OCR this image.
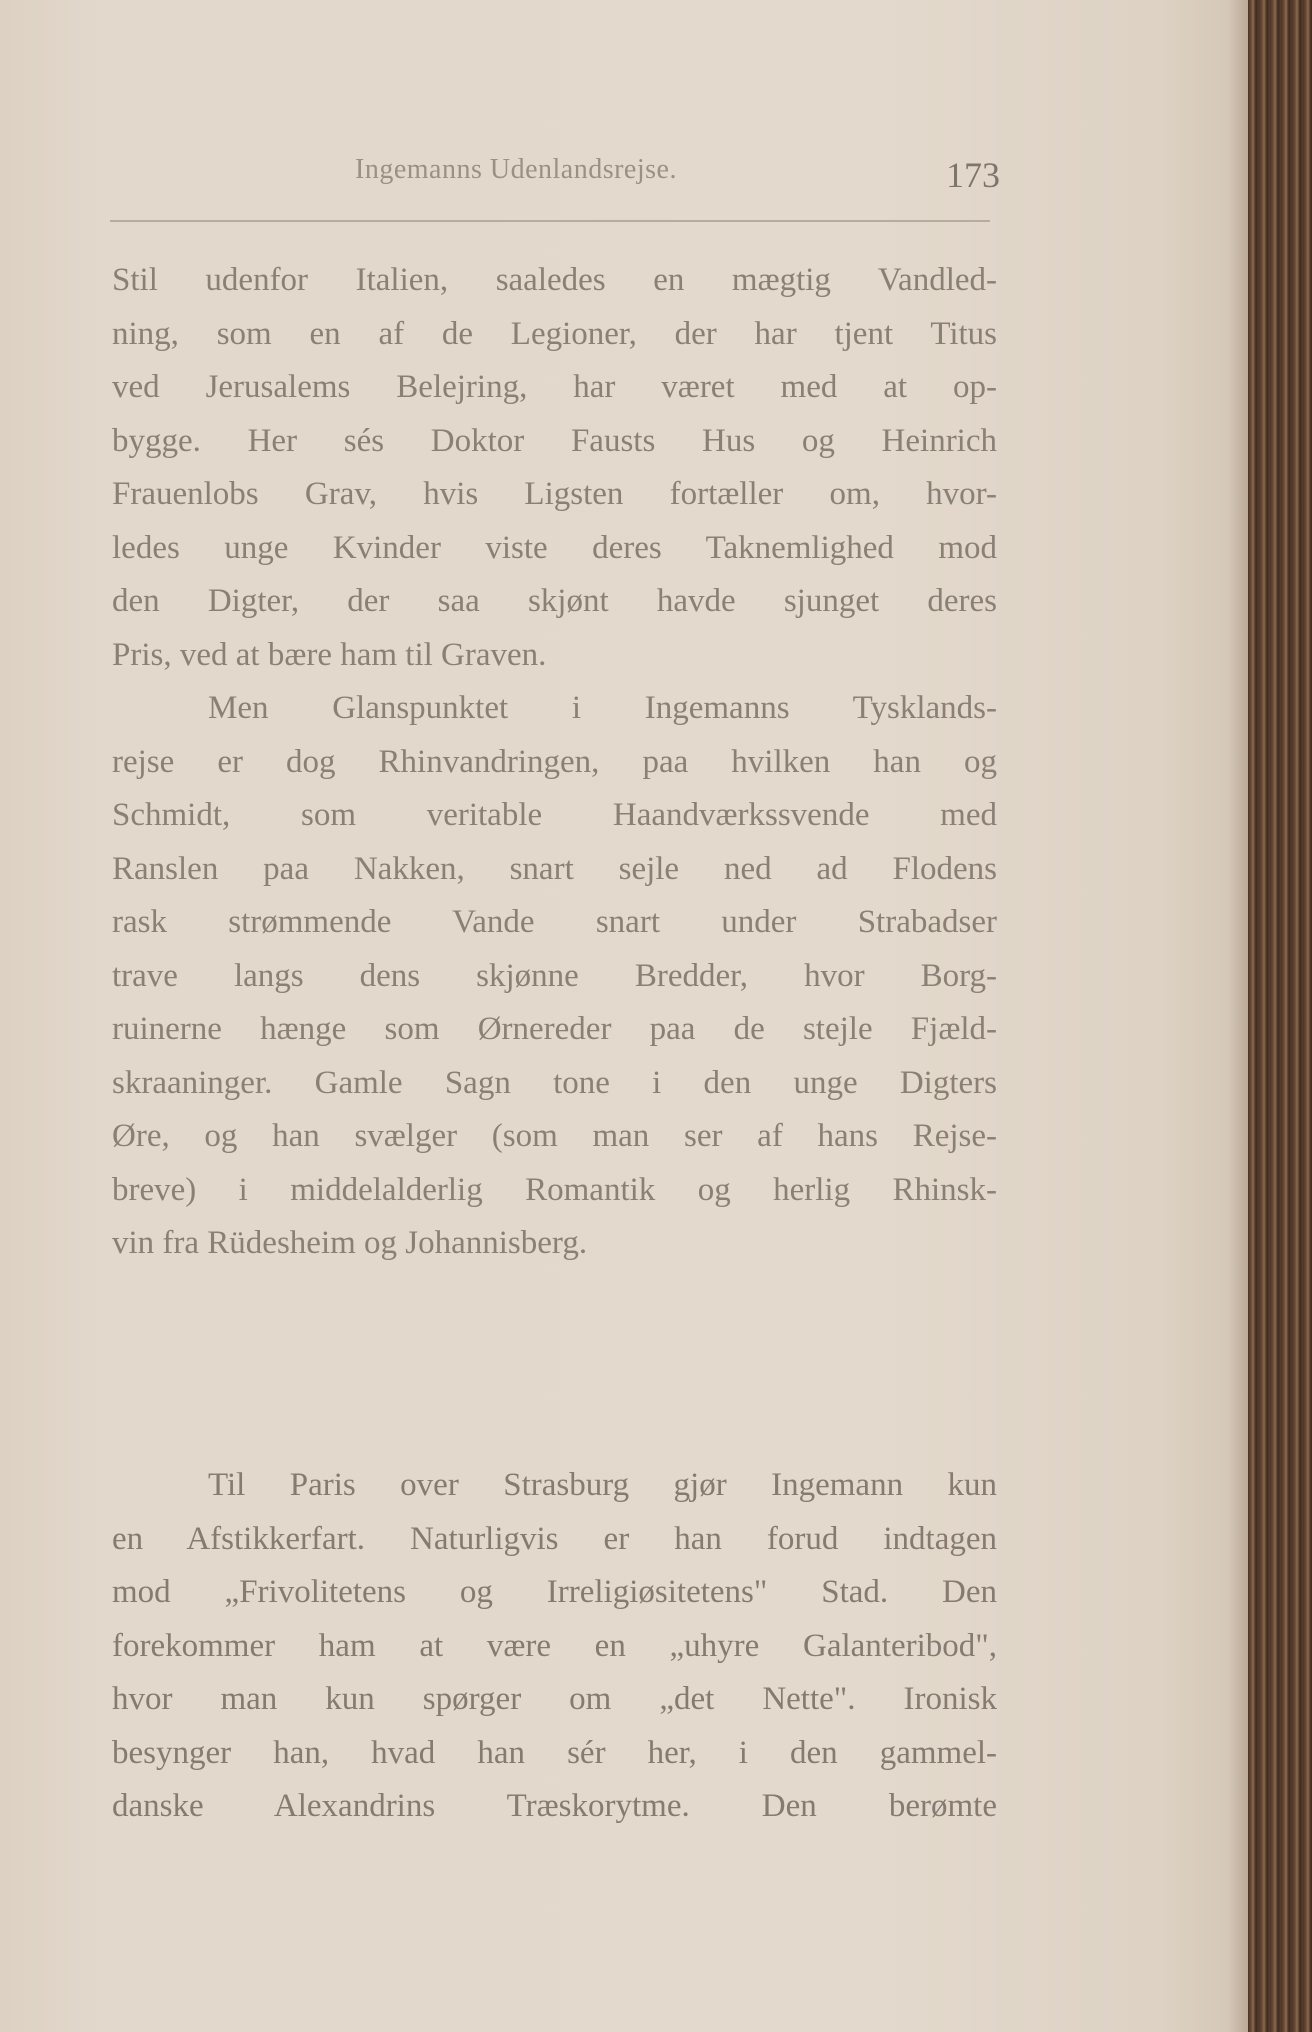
Ingemanns Udenlandsrejse.	173
Stil udenfor Italien, saaledes en mægtig Vandled-
ning, som en af de Legioner, der har tjent Titus
ved Jerusalems Belejring, har været med at op-
bygge. Her sés Doktor Fausts Hus og Heinrich
Frauenlobs Grav, hvis Ligsten fortæller om, hvor-
ledes unge Kvinder viste deres Taknemlighed mod
den Digter, der saa skjønt havde sjunget deres
Pris, ved at bære ham til Graven.
Men Glanspunktet i Ingemanns Tysklands-
rejse er dog Rhinvandringen, paa hvilken han og
Schmidt, som veritable Haandværkssvende med
Ranslen paa Nakken, snart sejle ned ad Flodens
rask strømmende Vande snart under Strabadser
trave langs dens skjønne Bredder, hvor Borg-
ruinerne hænge som Ørnereder paa de stejle Fjæld-
skraaninger. Gamle Sagn tone i den unge Digters
Øre, og han svælger (som man ser af hans Rejse-
breve) i middelalderlig Romantik og herlig Rhinsk-
vin fra Rüdesheim og Johannisberg.
Til Paris over Strasburg gjør Ingemann kun
en Afstikkerfart. Naturligvis er han forud indtagen
mod „Frivolitetens og Irreligiøsitetens" Stad. Den
forekommer ham at være en „uhyre Galanteribod",
hvor man kun spørger om „det Nette". Ironisk
besynger han, hvad han sér her, i den gammel-
danske Alexandrins Træskorytme. Den berømte
